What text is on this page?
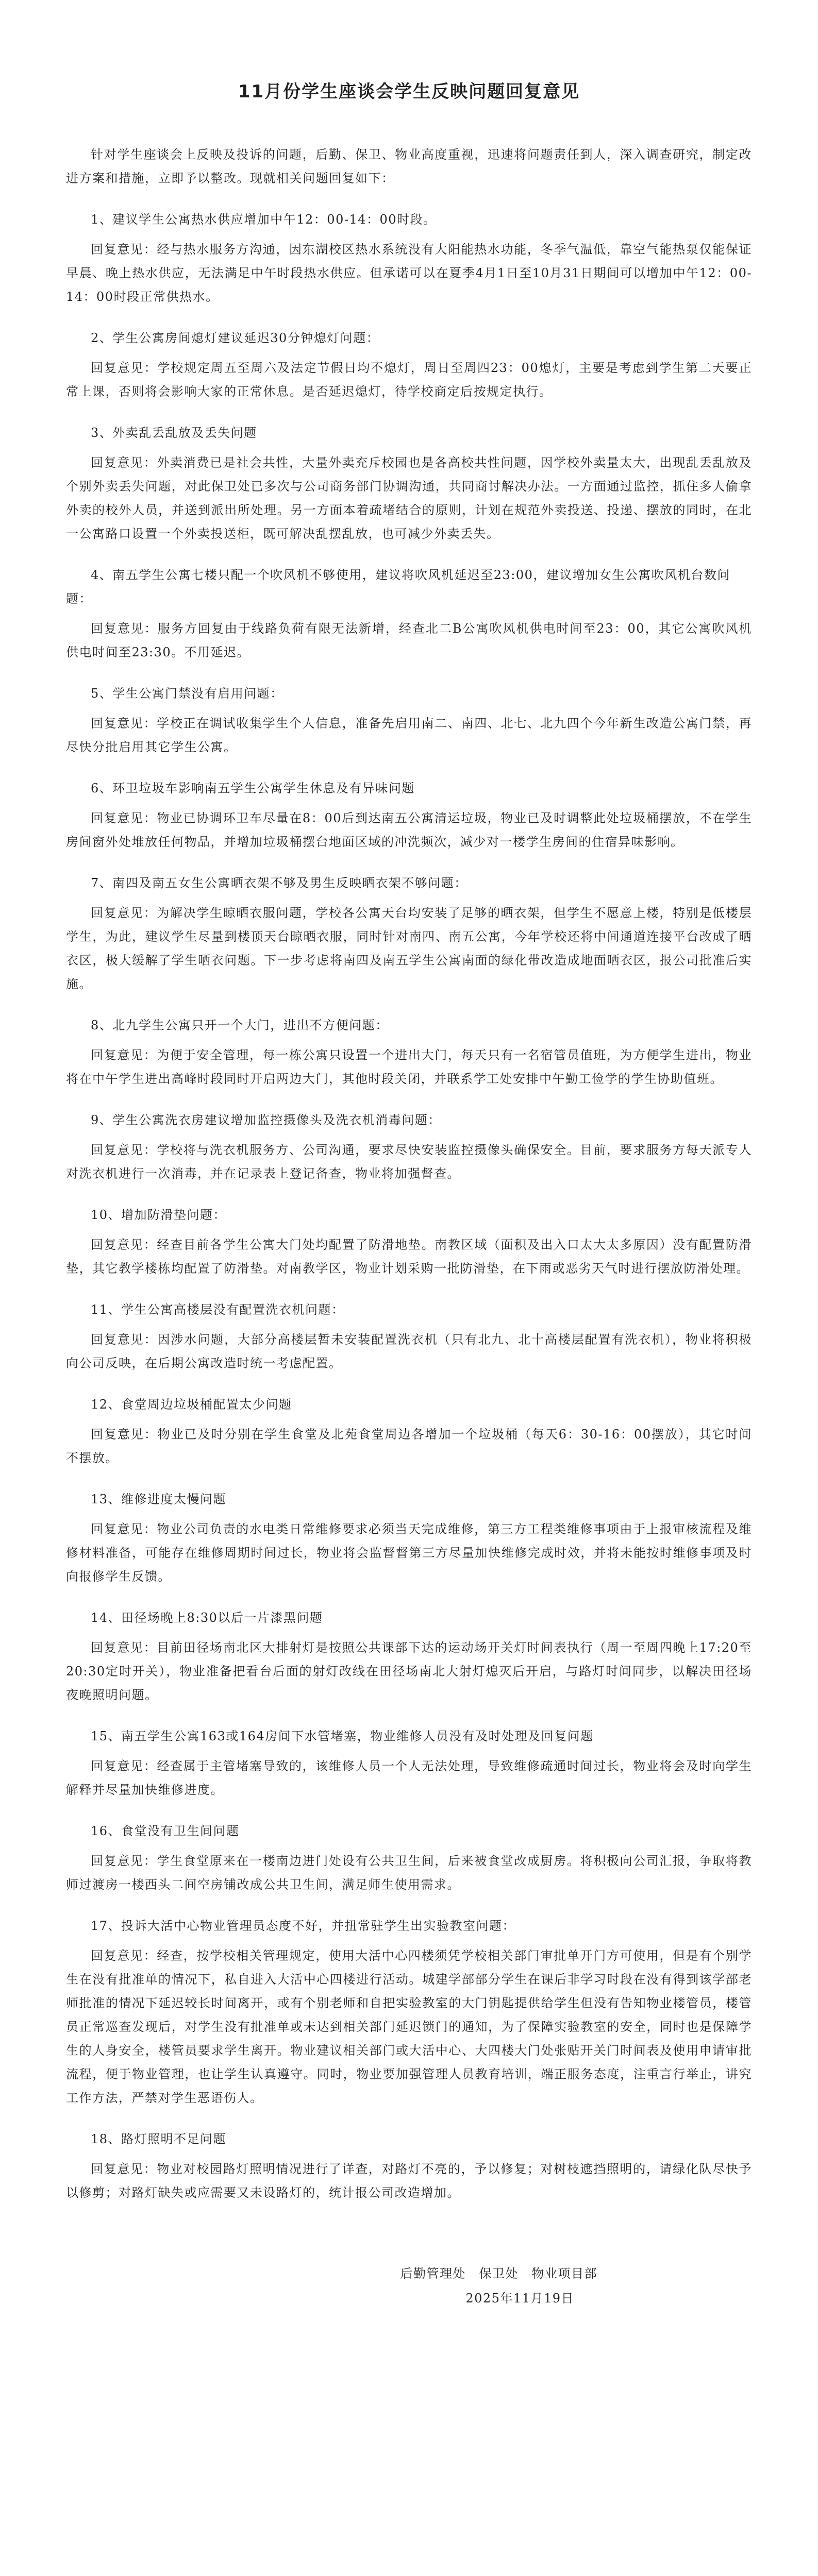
11月份学生座谈会学生反映问题回复意见
针对学生座谈会上反映及投诉的问题，后勤、保卫、物业高度重视，迅速将问题责任到人，深入调查研究，制定改进方案和措施，立即予以整改。现就相关问题回复如下：
1、建议学生公寓热水供应增加中午12：00-14：00时段。
回复意见：经与热水服务方沟通，因东湖校区热水系统没有大阳能热水功能，冬季气温低，靠空气能热泵仅能保证早晨、晚上热水供应，无法满足中午时段热水供应。但承诺可以在夏季4月1日至10月31日期间可以增加中午12：00-14：00时段正常供热水。
2、学生公寓房间熄灯建议延迟30分钟熄灯问题：
回复意见：学校规定周五至周六及法定节假日均不熄灯，周日至周四23：00熄灯，主要是考虑到学生第二天要正常上课，否则将会影响大家的正常休息。是否延迟熄灯，待学校商定后按规定执行。
3、外卖乱丢乱放及丢失问题
回复意见：外卖消费已是社会共性，大量外卖充斥校园也是各高校共性问题，因学校外卖量太大，出现乱丢乱放及个别外卖丢失问题，对此保卫处已多次与公司商务部门协调沟通，共同商讨解决办法。一方面通过监控，抓住多人偷拿外卖的校外人员，并送到派出所处理。另一方面本着疏堵结合的原则，计划在规范外卖投送、投递、摆放的同时，在北一公寓路口设置一个外卖投送柜，既可解决乱摆乱放，也可减少外卖丢失。
4、南五学生公寓七楼只配一个吹风机不够使用，建议将吹风机延迟至23:00，建议增加女生公寓吹风机台数问题：
回复意见：服务方回复由于线路负荷有限无法新增，经查北二B公寓吹风机供电时间至23：00，其它公寓吹风机供电时间至23:30。不用延迟。
5、学生公寓门禁没有启用问题：
回复意见：学校正在调试收集学生个人信息，准备先启用南二、南四、北七、北九四个今年新生改造公寓门禁，再尽快分批启用其它学生公寓。
6、环卫垃圾车影响南五学生公寓学生休息及有异味问题
回复意见：物业已协调环卫车尽量在8：00后到达南五公寓清运垃圾，物业已及时调整此处垃圾桶摆放，不在学生房间窗外处堆放任何物品，并增加垃圾桶摆台地面区域的冲洗频次，减少对一楼学生房间的住宿异味影响。
7、南四及南五女生公寓晒衣架不够及男生反映晒衣架不够问题：
回复意见：为解决学生晾晒衣服问题，学校各公寓天台均安装了足够的晒衣架，但学生不愿意上楼，特别是低楼层学生，为此，建议学生尽量到楼顶天台晾晒衣服，同时针对南四、南五公寓，今年学校还将中间通道连接平台改成了晒衣区，极大缓解了学生晒衣问题。下一步考虑将南四及南五学生公寓南面的绿化带改造成地面晒衣区，报公司批准后实施。
8、北九学生公寓只开一个大门，进出不方便问题：
回复意见：为便于安全管理，每一栋公寓只设置一个进出大门，每天只有一名宿管员值班，为方便学生进出，物业将在中午学生进出高峰时段同时开启两边大门，其他时段关闭，并联系学工处安排中午勤工俭学的学生协助值班。
9、学生公寓洗衣房建议增加监控摄像头及洗衣机消毒问题：
回复意见：学校将与洗衣机服务方、公司沟通，要求尽快安装监控摄像头确保安全。目前，要求服务方每天派专人对洗衣机进行一次消毒，并在记录表上登记备查，物业将加强督查。
10、增加防滑垫问题：
回复意见：经查目前各学生公寓大门处均配置了防滑地垫。南教区域（面积及出入口太大太多原因）没有配置防滑垫，其它教学楼栋均配置了防滑垫。对南教学区，物业计划采购一批防滑垫，在下雨或恶劣天气时进行摆放防滑处理。
11、学生公寓高楼层没有配置洗衣机问题：
回复意见：因涉水问题，大部分高楼层暂未安装配置洗衣机（只有北九、北十高楼层配置有洗衣机），物业将积极向公司反映，在后期公寓改造时统一考虑配置。
12、食堂周边垃圾桶配置太少问题
回复意见：物业已及时分别在学生食堂及北苑食堂周边各增加一个垃圾桶（每天6：30-16：00摆放），其它时间不摆放。
13、维修进度太慢问题
回复意见：物业公司负责的水电类日常维修要求必须当天完成维修，第三方工程类维修事项由于上报审核流程及维修材料准备，可能存在维修周期时间过长，物业将会监督督第三方尽量加快维修完成时效，并将未能按时维修事项及时向报修学生反馈。
14、田径场晚上8:30以后一片漆黑问题
回复意见：目前田径场南北区大排射灯是按照公共课部下达的运动场开关灯时间表执行（周一至周四晚上17:20至20:30定时开关），物业准备把看台后面的射灯改线在田径场南北大射灯熄灭后开启，与路灯时间同步，以解决田径场夜晚照明问题。
15、南五学生公寓163或164房间下水管堵塞，物业维修人员没有及时处理及回复问题
回复意见：经查属于主管堵塞导致的，该维修人员一个人无法处理，导致维修疏通时间过长，物业将会及时向学生解释并尽量加快维修进度。
16、食堂没有卫生间问题
回复意见：学生食堂原来在一楼南边进门处设有公共卫生间，后来被食堂改成厨房。将积极向公司汇报，争取将教师过渡房一楼西头二间空房铺改成公共卫生间，满足师生使用需求。
17、投诉大活中心物业管理员态度不好，并扭常驻学生出实验教室问题：
回复意见：经查，按学校相关管理规定，使用大活中心四楼须凭学校相关部门审批单开门方可使用，但是有个别学生在没有批准单的情况下，私自进入大活中心四楼进行活动。城建学部部分学生在课后非学习时段在没有得到该学部老师批准的情况下延迟较长时间离开，或有个别老师和自把实验教室的大门钥匙提供给学生但没有告知物业楼管员，楼管员正常巡查发现后，对学生没有批准单或未达到相关部门延迟锁门的通知，为了保障实验教室的安全，同时也是保障学生的人身安全，楼管员要求学生离开。物业建议相关部门或大活中心、大四楼大门处张贴开关门时间表及使用申请审批流程，便于物业管理，也让学生认真遵守。同时，物业要加强管理人员教育培训，端正服务态度，注重言行举止，讲究工作方法，严禁对学生恶语伤人。
18、路灯照明不足问题
回复意见：物业对校园路灯照明情况进行了详查，对路灯不亮的，予以修复；对树枝遮挡照明的，请绿化队尽快予以修剪；对路灯缺失或应需要又未设路灯的，统计报公司改造增加。
后勤管理处　保卫处　物业项目部
2025年11月19日
